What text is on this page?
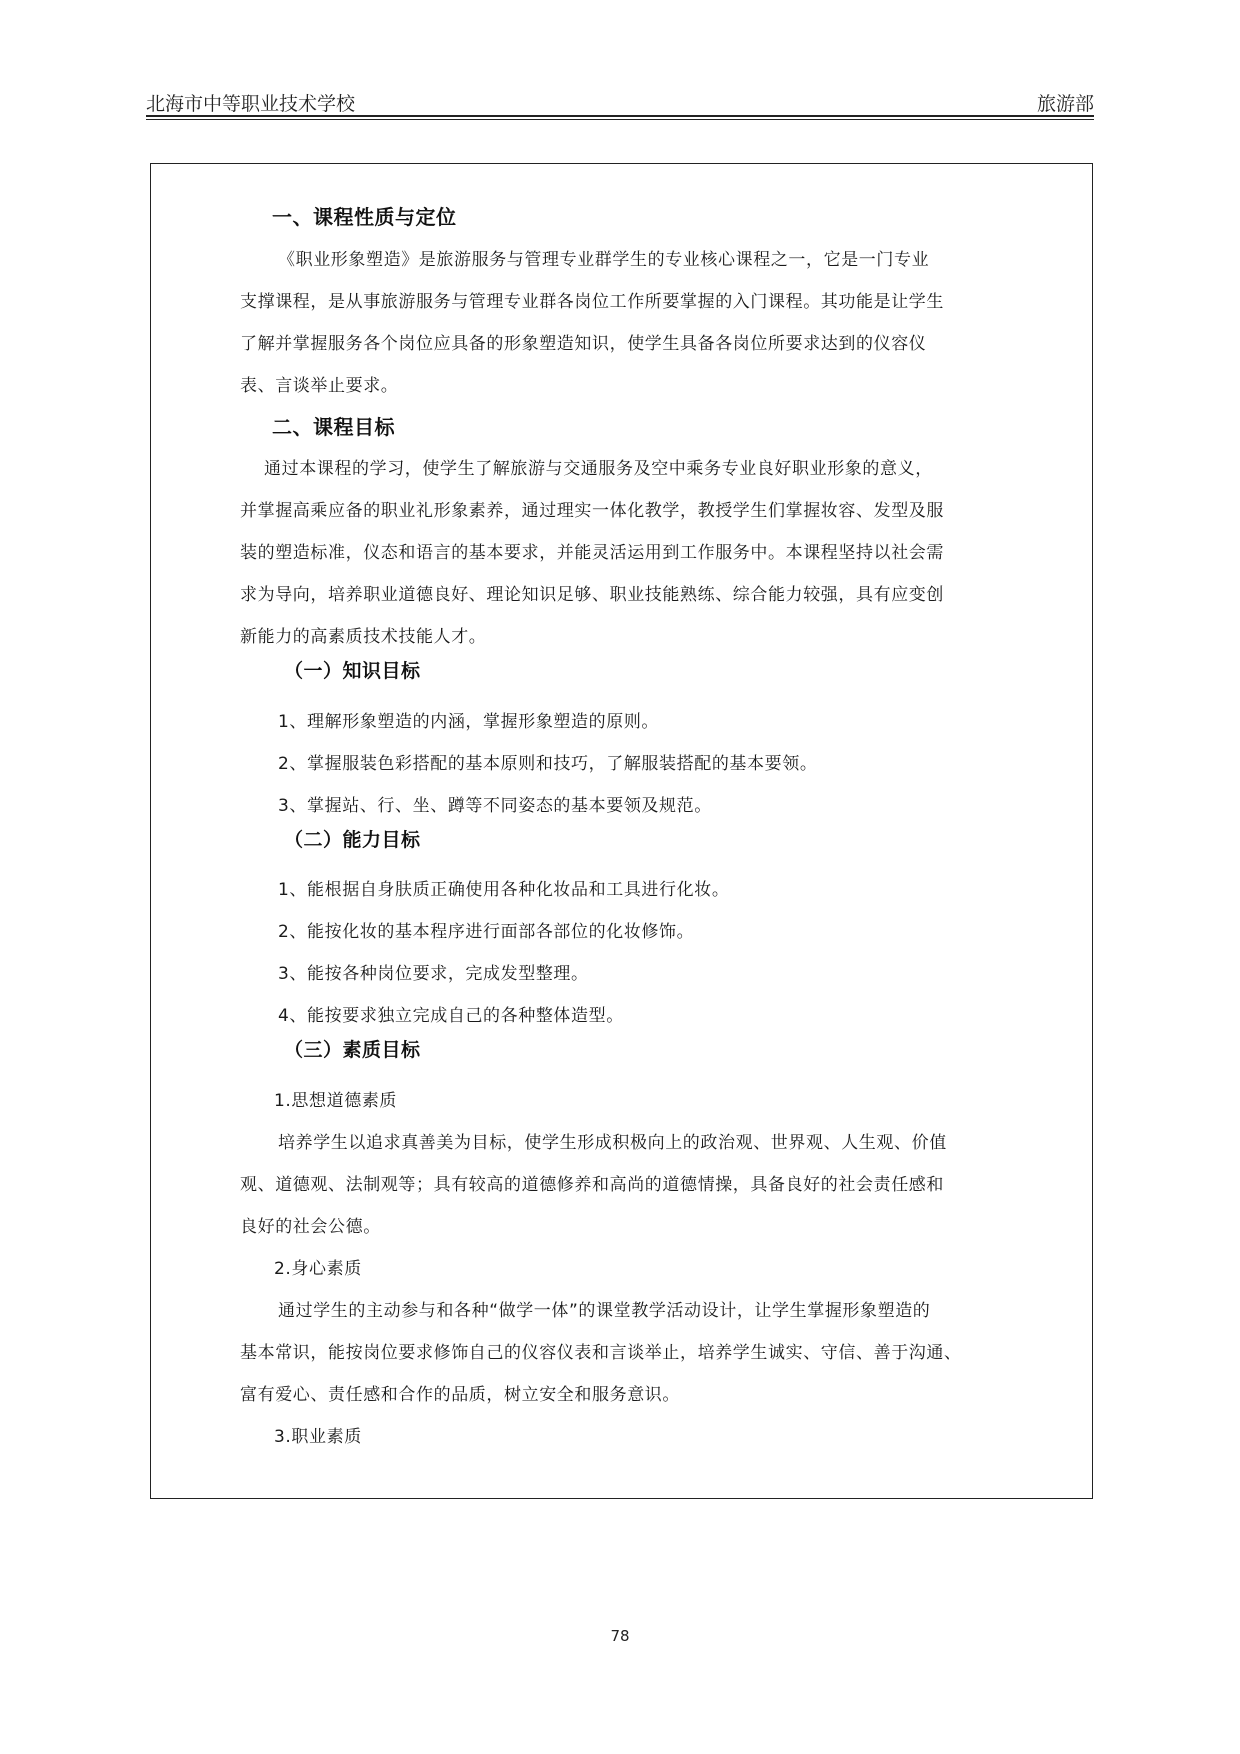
北海市中等职业技术学校	旅游部
一、课程性质与定位
《职业形象塑造》是旅游服务与管理专业群学生的专业核心课程之一，它是一门专业
支撑课程，是从事旅游服务与管理专业群各岗位工作所要掌握的入门课程。其功能是让学生
了解并掌握服务各个岗位应具备的形象塑造知识，使学生具备各岗位所要求达到的仪容仪
表、言谈举止要求。
二、课程目标
通过本课程的学习，使学生了解旅游与交通服务及空中乘务专业良好职业形象的意义，
并掌握高乘应备的职业礼形象素养，通过理实一体化教学，教授学生们掌握妆容、发型及服
装的塑造标准，仪态和语言的基本要求，并能灵活运用到工作服务中。本课程坚持以社会需
求为导向，培养职业道德良好、理论知识足够、职业技能熟练、综合能力较强，具有应变创
新能力的高素质技术技能人才。
（一）知识目标
1、理解形象塑造的内涵，掌握形象塑造的原则。
2、掌握服装色彩搭配的基本原则和技巧，了解服装搭配的基本要领。
3、掌握站、行、坐、蹲等不同姿态的基本要领及规范。
（二）能力目标
1、能根据自身肤质正确使用各种化妆品和工具进行化妆。
2、能按化妆的基本程序进行面部各部位的化妆修饰。
3、能按各种岗位要求，完成发型整理。
4、能按要求独立完成自己的各种整体造型。
（三）素质目标
1.思想道德素质
培养学生以追求真善美为目标，使学生形成积极向上的政治观、世界观、人生观、价值
观、道德观、法制观等；具有较高的道德修养和高尚的道德情操，具备良好的社会责任感和
良好的社会公德。
2.身心素质
通过学生的主动参与和各种“做学一体”的课堂教学活动设计，让学生掌握形象塑造的
基本常识，能按岗位要求修饰自己的仪容仪表和言谈举止，培养学生诚实、守信、善于沟通、
富有爱心、责任感和合作的品质，树立安全和服务意识。
3.职业素质
78
